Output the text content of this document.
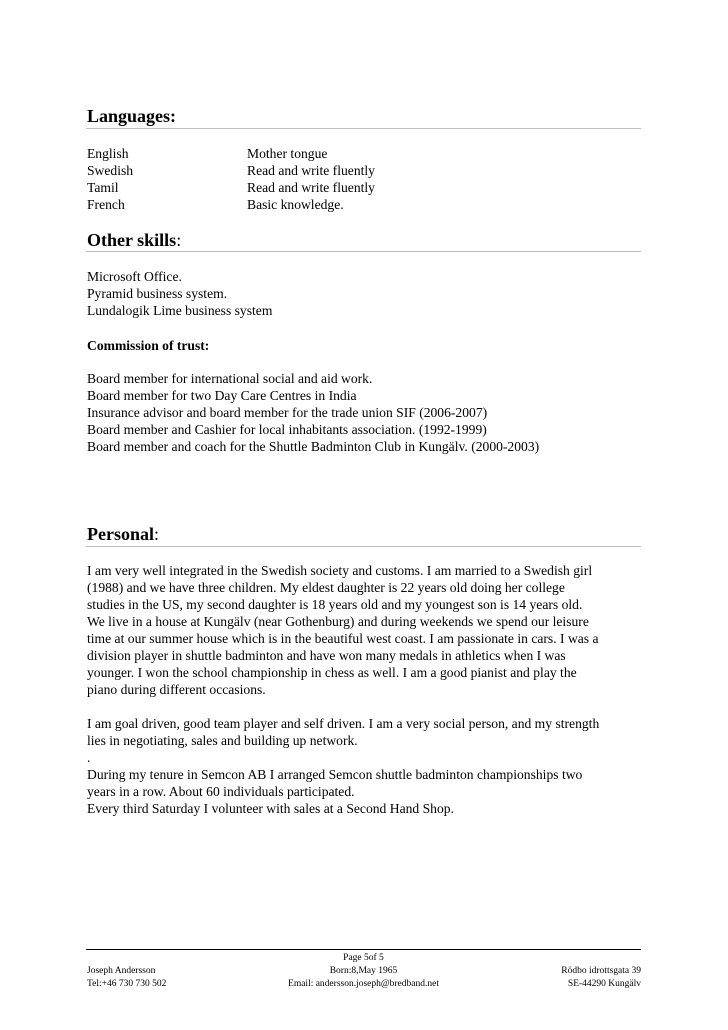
Languages:
English	Mother tongue
Swedish	Read and write fluently
Tamil	Read and write fluently
French	Basic knowledge.
Other skills:
Microsoft Office.
Pyramid business system.
Lundalogik Lime business system
Commission of trust:
Board member for international social and aid work.
Board member for two Day Care Centres in India
Insurance advisor and board member for the trade union SIF (2006-2007)
Board member and Cashier for local inhabitants association. (1992-1999)
Board member and coach for the Shuttle Badminton Club in Kungälv. (2000-2003)
Personal:
I am very well integrated in the Swedish society and customs. I am married to a Swedish girl
(1988) and we have three children. My eldest daughter is 22 years old doing her college
studies in the US, my second daughter is 18 years old and my youngest son is 14 years old.
We live in a house at Kungälv (near Gothenburg) and during weekends we spend our leisure
time at our summer house which is in the beautiful west coast. I am passionate in cars. I was a
division player in shuttle badminton and have won many medals in athletics when I was
younger. I won the school championship in chess as well. I am a good pianist and play the
piano during different occasions.
I am goal driven, good team player and self driven. I am a very social person, and my strength
lies in negotiating, sales and building up network.
.
During my tenure in Semcon AB I arranged Semcon shuttle badminton championships two
years in a row. About 60 individuals participated.
Every third Saturday I volunteer with sales at a Second Hand Shop.
Page 5of 5
Joseph Andersson	Born:8,May 1965	Rödbo idrottsgata 39
Tel:+46 730 730 502	Email: andersson.joseph@bredband.net	SE-44290 Kungälv
